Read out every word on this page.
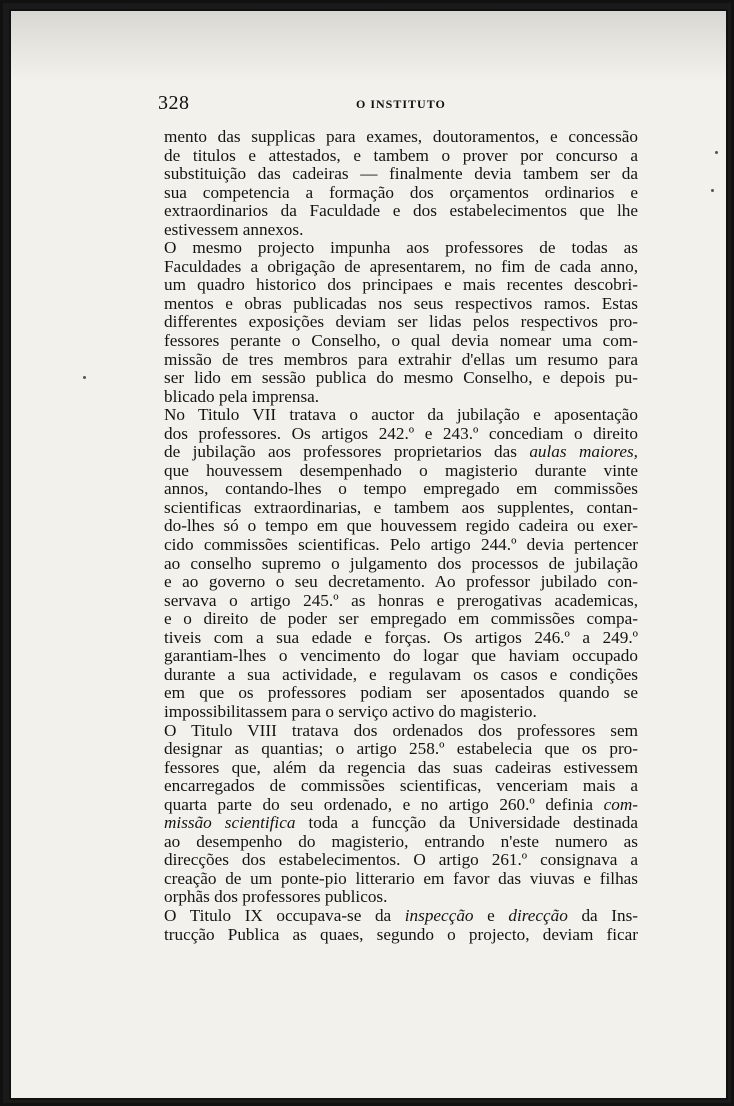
328	O INSTITUTO
mento das supplicas para exames, doutoramentos, e concessão
de titulos e attestados, e tambem o prover por concurso a
substituição das cadeiras — finalmente devia tambem ser da
sua competencia a formação dos orçamentos ordinarios e
extraordinarios da Faculdade e dos estabelecimentos que lhe
estivessem annexos.
O mesmo projecto impunha aos professores de todas as
Faculdades a obrigação de apresentarem, no fim de cada anno,
um quadro historico dos principaes e mais recentes descobri-
mentos e obras publicadas nos seus respectivos ramos. Estas
differentes exposições deviam ser lidas pelos respectivos pro-
fessores perante o Conselho, o qual devia nomear uma com-
missão de tres membros para extrahir d'ellas um resumo para
ser lido em sessão publica do mesmo Conselho, e depois pu-
blicado pela imprensa.
No Titulo VII tratava o auctor da jubilação e aposentação
dos professores. Os artigos 242.º e 243.º concediam o direito
de jubilação aos professores proprietarios das aulas maiores,
que houvessem desempenhado o magisterio durante vinte
annos, contando-lhes o tempo empregado em commissões
scientificas extraordinarias, e tambem aos supplentes, contan-
do-lhes só o tempo em que houvessem regido cadeira ou exer-
cido commissões scientificas. Pelo artigo 244.º devia pertencer
ao conselho supremo o julgamento dos processos de jubilação
e ao governo o seu decretamento. Ao professor jubilado con-
servava o artigo 245.º as honras e prerogativas academicas,
e o direito de poder ser empregado em commissões compa-
tiveis com a sua edade e forças. Os artigos 246.º a 249.º
garantiam-lhes o vencimento do logar que haviam occupado
durante a sua actividade, e regulavam os casos e condições
em que os professores podiam ser aposentados quando se
impossibilitassem para o serviço activo do magisterio.
O Titulo VIII tratava dos ordenados dos professores sem
designar as quantias; o artigo 258.º estabelecia que os pro-
fessores que, além da regencia das suas cadeiras estivessem
encarregados de commissões scientificas, venceriam mais a
quarta parte do seu ordenado, e no artigo 260.º definia com-
missão scientifica toda a funcção da Universidade destinada
ao desempenho do magisterio, entrando n'este numero as
direcções dos estabelecimentos. O artigo 261.º consignava a
creação de um ponte-pio litterario em favor das viuvas e filhas
orphãs dos professores publicos.
O Titulo IX occupava-se da inspecção e direcção da Ins-
trucção Publica as quaes, segundo o projecto, deviam ficar
